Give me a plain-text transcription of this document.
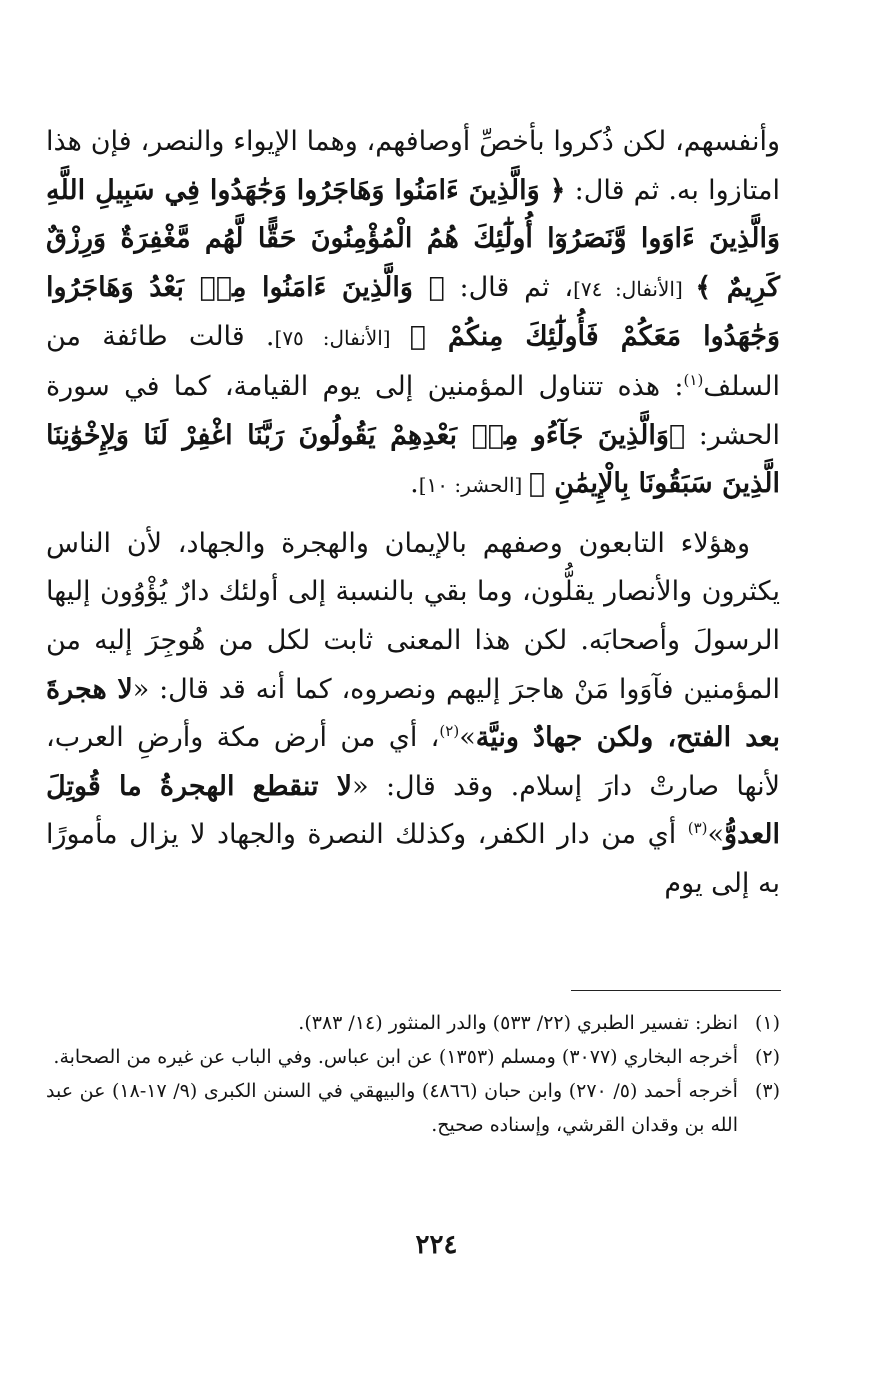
وأنفسهم، لكن ذُكروا بأخصِّ أوصافهم، وهما الإيواء والنصر، فإن هذا امتازوا به. ثم قال: ﴿ وَالَّذِينَ ءَامَنُوا وَهَاجَرُوا وَجَٰهَدُوا فِي سَبِيلِ اللَّهِ وَالَّذِينَ ءَاوَوا وَّنَصَرُوٓا أُولَٰٓئِكَ هُمُ الْمُؤْمِنُونَ حَقًّا لَّهُم مَّغْفِرَةٌ وَرِزْقٌ كَرِيمٌ ﴾ [الأنفال: ٧٤]، ثم قال: ﴿ وَالَّذِينَ ءَامَنُوا مِنۢ بَعْدُ وَهَاجَرُوا وَجَٰهَدُوا مَعَكُمْ فَأُولَٰٓئِكَ مِنكُمْ ﴾ [الأنفال: ٧٥]. قالت طائفة من السلف$^{(١)}$: هذه تتناول المؤمنين إلى يوم القيامة، كما في سورة الحشر: ﴿وَالَّذِينَ جَآءُو مِنۢ بَعْدِهِمْ يَقُولُونَ رَبَّنَا اغْفِرْ لَنَا وَلِإِخْوَٰنِنَا الَّذِينَ سَبَقُونَا بِالْإِيمَٰنِ ﴾ [الحشر: ١٠].

وهؤلاء التابعون وصفهم بالإيمان والهجرة والجهاد، لأن الناس يكثرون والأنصار يقلُّون، وما بقي بالنسبة إلى أولئك دارٌ يُؤْوُون إليها الرسولَ وأصحابَه. لكن هذا المعنى ثابت لكل من هُوجِرَ إليه من المؤمنين فآوَوا مَنْ هاجرَ إليهم ونصروه، كما أنه قد قال: «لا هجرةَ بعد الفتح، ولكن جهادٌ ونيَّة»$^{(٢)}$، أي من أرض مكة وأرضِ العرب، لأنها صارتْ دارَ إسلام. وقد قال: «لا تنقطع الهجرةُ ما قُوتِلَ العدوُّ»$^{(٣)}$ أي من دار الكفر، وكذلك النصرة والجهاد لا يزال مأمورًا به إلى يوم

(١)
انظر: تفسير الطبري (٢٢/ ٥٣٣) والدر المنثور (١٤/ ٣٨٣).
(٢)
أخرجه البخاري (٣٠٧٧) ومسلم (١٣٥٣) عن ابن عباس. وفي الباب عن غيره من الصحابة.
(٣)
أخرجه أحمد (٥/ ٢٧٠) وابن حبان (٤٨٦٦) والبيهقي في السنن الكبرى (٩/ ١٧-١٨) عن عبد الله بن وقدان القرشي، وإسناده صحيح.
٢٢٤
